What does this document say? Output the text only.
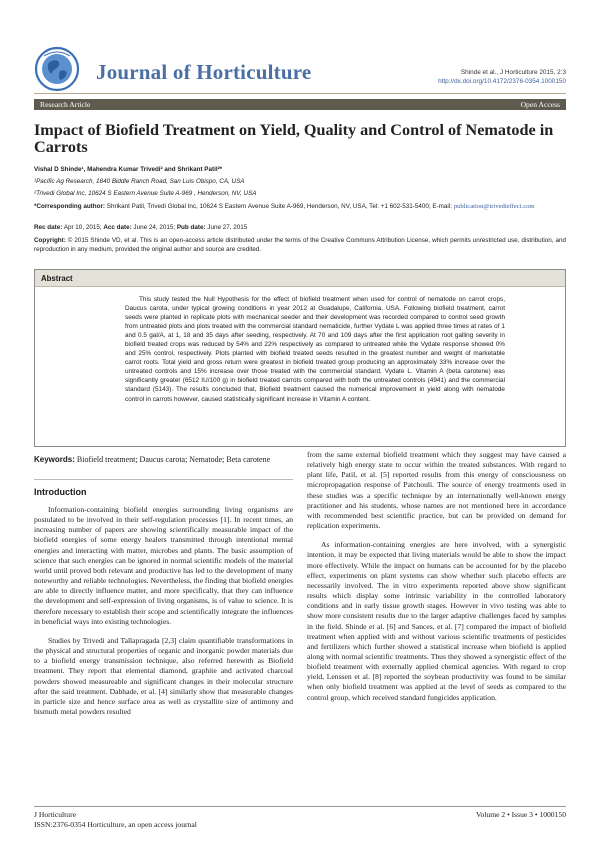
Journal of Horticulture	Shinde et al., J Horticulture 2015, 2:3
http://dx.doi.org/10.4172/2376-0354.1000150
Research Article	Open Access
Impact of Biofield Treatment on Yield, Quality and Control of Nematode in Carrots
Vishal D Shinde¹, Mahendra Kumar Trivedi² and Shrikant Patil²*
¹Pacific Ag Research, 1840 Biddle Ranch Road, San Luis Obispo, CA, USA
²Trivedi Global Inc, 10624 S Eastern Avenue Suite A-969 , Henderson, NV, USA
*Corresponding author: Shrikant Patil, Trivedi Global Inc, 10624 S Eastern Avenue Suite A-969, Henderson, NV, USA, Tel: +1 602-531-5400; E-mail: publication@trivedieffect.com
Rec date: Apr 10, 2015; Acc date: June 24, 2015; Pub date: June 27, 2015
Copyright: © 2015 Shinde VD, et al. This is an open-access article distributed under the terms of the Creative Commons Attribution License, which permits unrestricted use, distribution, and reproduction in any medium, provided the original author and source are credited.
Abstract

This study tested the Null Hypothesis for the effect of biofield treatment when used for control of nematode on carrot crops, Daucus carota, under typical growing conditions in year 2012 at Guadalupe, California, USA. Following biofield treatment, carrot seeds were planted in replicate plots with mechanical seeder and their development was recorded compared to control seed growth from untreated plots and plots treated with the commercial standard nematicide, further Vydate L was applied three times at rates of 1 and 0.5 gal/A, at 1, 18 and 35 days after seeding, respectively. At 70 and 109 days after the first application root galling severity in biofield treated crops was reduced by 54% and 22% respectively as compared to untreated while the Vydate response showed 0% and 25% control, respectively. Plots planted with biofield treated seeds resulted in the greatest number and weight of marketable carrot roots. Total yield and gross return were greatest in biofield treated group producing an approximately 33% increase over the untreated controls and 15% increase over those treated with the commercial standard, Vydate L. Vitamin A (beta carotene) was significantly greater (6512 IU/100 g) in biofield treated carrots compared with both the untreated controls (4941) and the commercial standard (5143). The results concluded that, Biofield treatment caused the numerical improvement in yield along with nematode control in carrots however, caused statistically significant increase in Vitamin A content.

Keywords: Biofield treatment; Daucus carota; Nematode; Beta carotene
Introduction

Information-containing biofield energies surrounding living organisms are postulated to be involved in their self-regulation processes [1]. In recent times, an increasing number of papers are showing scientifically measurable impact of the biofield energies of some energy healers transmitted through intentional mental energies and interacting with matter, microbes and plants. The basic assumption of science that such energies can be ignored in normal scientific models of the material world until proved both relevant and productive has led to the development of many noteworthy and reliable technologies. Nevertheless, the finding that biofield energies are able to directly influence matter, and more specifically, that they can influence the development and self-expression of living organisms, is of value to science. It is therefore necessary to establish their scope and scientifically integrate the influences in beneficial ways into existing technologies.

Studies by Trivedi and Tallapragada [2,3] claim quantifiable transformations in the physical and structural properties of organic and inorganic powder materials due to a biofield energy transmission technique, also referred herewith as Biofield treatment. They report that elemental diamond, graphite and activated charcoal powders showed measureable and significant changes in their molecular structure after the said treatment. Dabhade, et al. [4] similarly show that measurable changes in particle size and hence surface area as well as crystallite size of antimony and bismuth metal powders resulted

from the same external biofield treatment which they suggest may have caused a relatively high energy state to occur within the treated substances. With regard to plant life, Patil, et al. [5] reported results from this energy of consciousness on micropropagation response of Patchouli. The source of energy treatments used in these studies was a specific technique by an internationally well-known energy practitioner and his students, whose names are not mentioned here in accordance with recommended best scientific practice, but can be provided on demand for replication experiments.

As information-containing energies are here involved, with a synergistic intention, it may be expected that living materials would be able to show the impact more effectively. While the impact on humans can be accounted for by the placebo effect, experiments on plant systems can show whether such placebo effects are necessarily involved. The in vitro experiments reported above show significant results which display some intrinsic variability in the controlled laboratory conditions and in early tissue growth stages. However in vivo testing was able to show more consistent results due to the larger adaptive challenges faced by samples in the field. Shinde et al. [6] and Sances, et al. [7] compared the impact of biofield treatment when applied with and without various scientific treatments of pesticides and fertilizers which further showed a statistical increase when biofield is applied along with normal scientific treatments. Thus they showed a synergistic effect of the biofield treatment with externally applied chemical agencies. With regard to crop yield, Lenssen et al. [8] reported the soybean productivity was found to be similar when only biofield treatment was applied at the level of seeds as compared to the control group, which received standard fungicides application.

J Horticulture
ISSN:2376-0354 Horticulture, an open access journal
Volume 2 • Issue 3 • 1000150
